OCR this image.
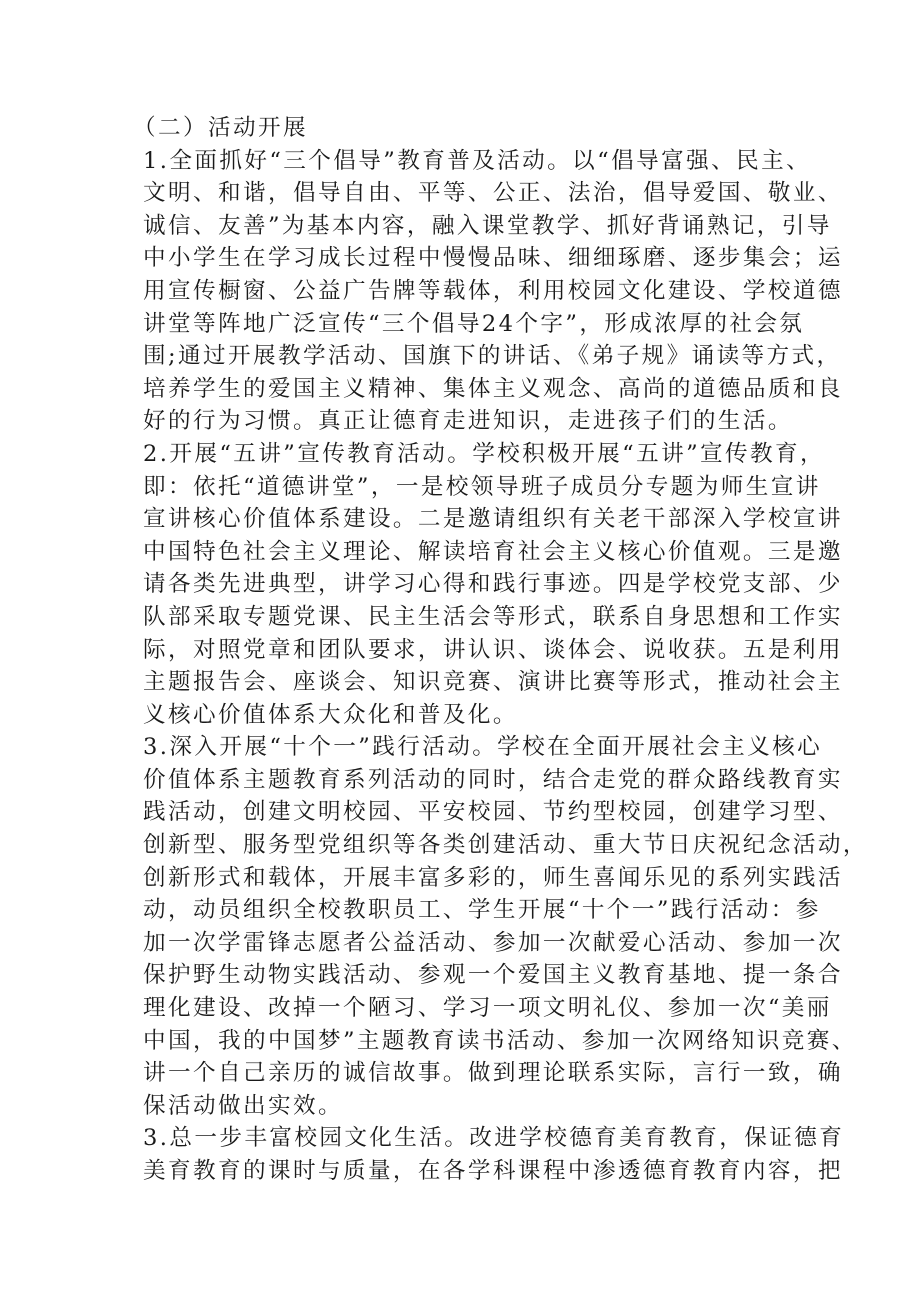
（二）活动开展
1.全面抓好“三个倡导”教育普及活动。以“倡导富强、民主、
文明、和谐，倡导自由、平等、公正、法治，倡导爱国、敬业、
诚信、友善”为基本内容，融入课堂教学、抓好背诵熟记，引导
中小学生在学习成长过程中慢慢品味、细细琢磨、逐步集会；运
用宣传橱窗、公益广告牌等载体，利用校园文化建设、学校道德
讲堂等阵地广泛宣传“三个倡导24个字”，形成浓厚的社会氛
围;通过开展教学活动、国旗下的讲话、《弟子规》诵读等方式，
培养学生的爱国主义精神、集体主义观念、高尚的道德品质和良
好的行为习惯。真正让德育走进知识，走进孩子们的生活。
2.开展“五讲”宣传教育活动。学校积极开展“五讲”宣传教育，
即：依托“道德讲堂”，一是校领导班子成员分专题为师生宣讲
宣讲核心价值体系建设。二是邀请组织有关老干部深入学校宣讲
中国特色社会主义理论、解读培育社会主义核心价值观。三是邀
请各类先进典型，讲学习心得和践行事迹。四是学校党支部、少
队部采取专题党课、民主生活会等形式，联系自身思想和工作实
际，对照党章和团队要求，讲认识、谈体会、说收获。五是利用
主题报告会、座谈会、知识竞赛、演讲比赛等形式，推动社会主
义核心价值体系大众化和普及化。
3.深入开展“十个一”践行活动。学校在全面开展社会主义核心
价值体系主题教育系列活动的同时，结合走党的群众路线教育实
践活动，创建文明校园、平安校园、节约型校园，创建学习型、
创新型、服务型党组织等各类创建活动、重大节日庆祝纪念活动，
创新形式和载体，开展丰富多彩的，师生喜闻乐见的系列实践活
动，动员组织全校教职员工、学生开展“十个一”践行活动：参
加一次学雷锋志愿者公益活动、参加一次献爱心活动、参加一次
保护野生动物实践活动、参观一个爱国主义教育基地、提一条合
理化建设、改掉一个陋习、学习一项文明礼仪、参加一次“美丽
中国，我的中国梦”主题教育读书活动、参加一次网络知识竞赛、
讲一个自己亲历的诚信故事。做到理论联系实际，言行一致，确
保活动做出实效。
3.总一步丰富校园文化生活。改进学校德育美育教育，保证德育
美育教育的课时与质量，在各学科课程中渗透德育教育内容，把
